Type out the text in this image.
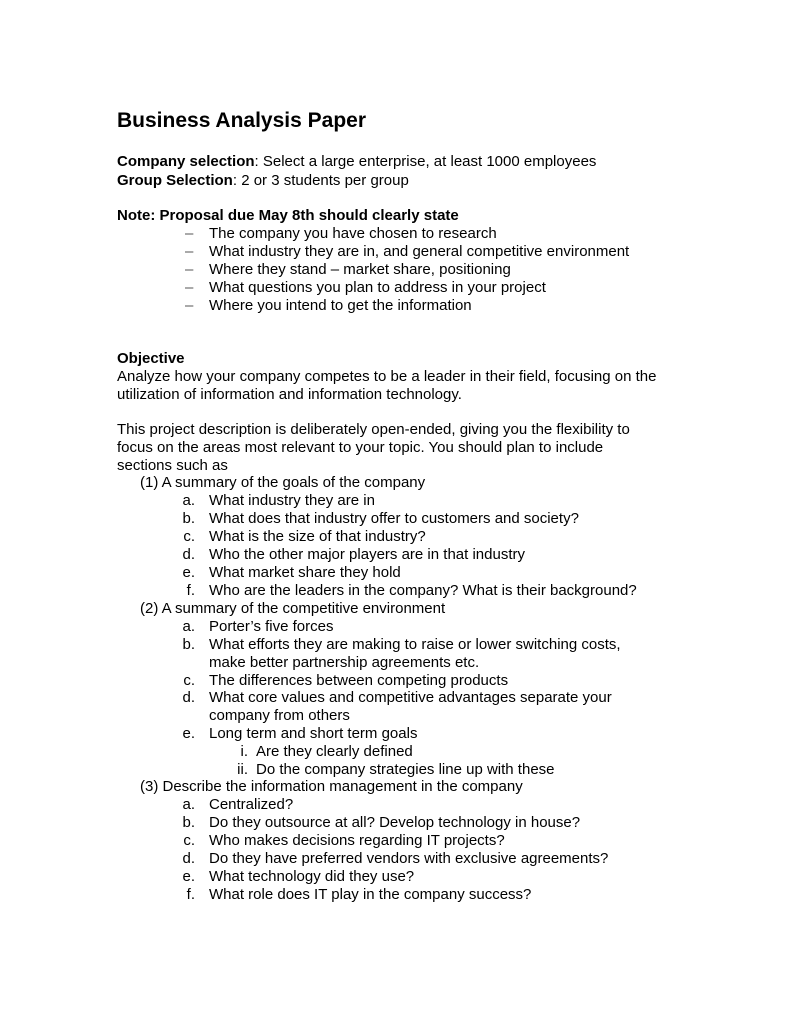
Business Analysis Paper
Company selection: Select a large enterprise, at least 1000 employees
Group Selection: 2 or 3 students per group
Note: Proposal due May 8th should clearly state
– The company you have chosen to research
– What industry they are in, and general competitive environment
– Where they stand – market share, positioning
– What questions you plan to address in your project
– Where you intend to get the information
Objective
Analyze how your company competes to be a leader in their field, focusing on the
utilization of information and information technology.
This project description is deliberately open-ended, giving you the flexibility to
focus on the areas most relevant to your topic. You should plan to include
sections such as
(1) A summary of the goals of the company
a. What industry they are in
b. What does that industry offer to customers and society?
c. What is the size of that industry?
d. Who the other major players are in that industry
e. What market share they hold
f. Who are the leaders in the company? What is their background?
(2) A summary of the competitive environment
a. Porter’s five forces
b. What efforts they are making to raise or lower switching costs,
make better partnership agreements etc.
c. The differences between competing products
d. What core values and competitive advantages separate your
company from others
e. Long term and short term goals
i. Are they clearly defined
ii. Do the company strategies line up with these
(3) Describe the information management in the company
a. Centralized?
b. Do they outsource at all? Develop technology in house?
c. Who makes decisions regarding IT projects?
d. Do they have preferred vendors with exclusive agreements?
e. What technology did they use?
f. What role does IT play in the company success?
